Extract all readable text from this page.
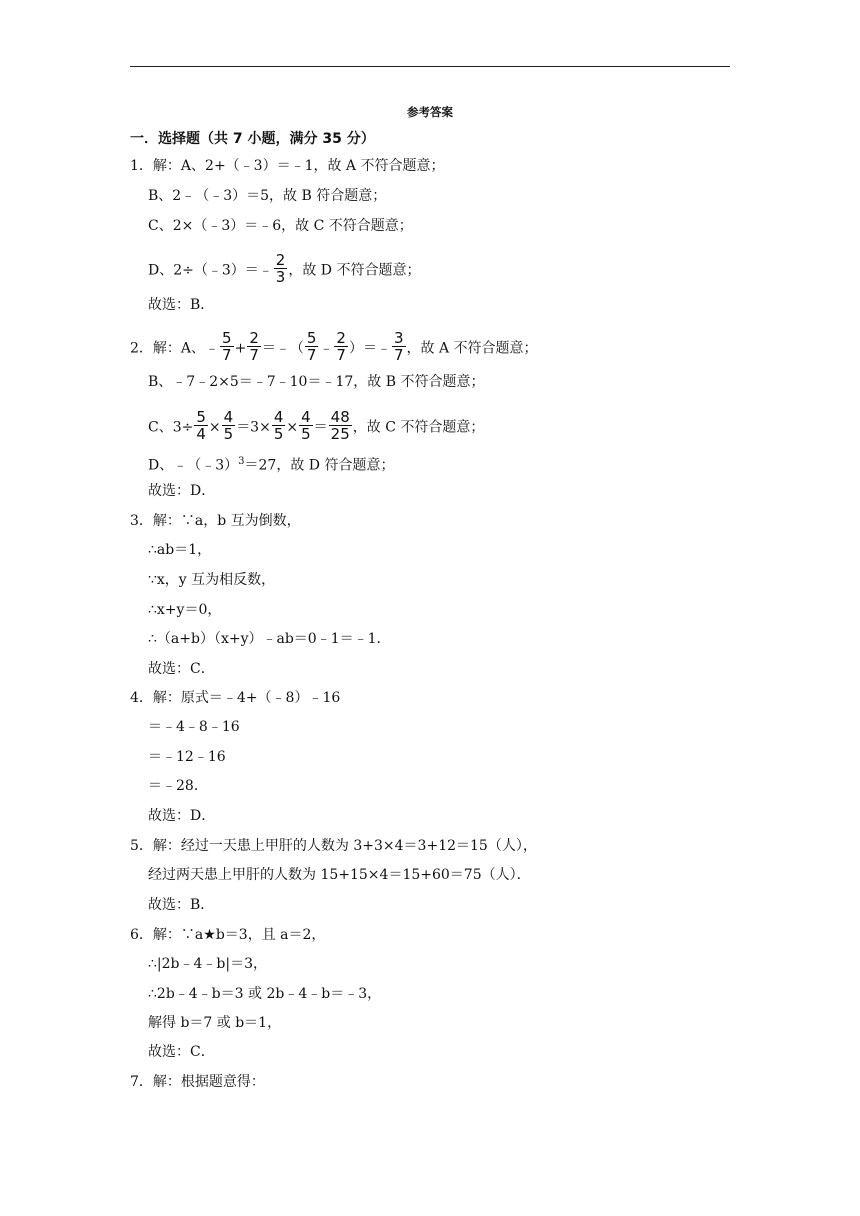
参考答案
一．选择题（共 7 小题，满分 35 分）
1．解：A、2+（﹣3）＝﹣1，故 A 不符合题意；
B、2﹣（﹣3）＝5，故 B 符合题意；
C、2×（﹣3）＝﹣6，故 C 不符合题意；
D、2÷（﹣3）＝﹣ $\frac{2}{3}$ ，故 D 不符合题意；
故选：B．
2．解：A、﹣ $\frac{5}{7} + \frac{2}{7}$ ＝﹣（ $\frac{5}{7}$ ﹣ $\frac{2}{7}$ ）＝﹣ $\frac{3}{7}$ ，故 A 不符合题意；
B、﹣7﹣2×5＝﹣7﹣10＝﹣17，故 B 不符合题意；
C、$3\div \frac{5}{4} \times \frac{4}{5} =3\times \frac{4}{5} \times \frac{4}{5} = \frac{48}{25}$ ，故 C 不符合题意；
D、﹣（﹣3）$^3$＝27，故 D 符合题意；
故选：D．
3．解：∵a，b 互为倒数，
∴ab＝1，
∵x，y 互为相反数，
∴x+y＝0，
∴（a+b）（x+y）﹣ab＝0﹣1＝﹣1．
故选：C．
4．解：原式＝﹣4+（﹣8）﹣16
＝﹣4﹣8﹣16
＝﹣12﹣16
＝﹣28．
故选：D．
5．解：经过一天患上甲肝的人数为 3+3×4＝3+12＝15（人），
经过两天患上甲肝的人数为 15+15×4＝15+60＝75（人）．
故选：B．
6．解：∵a★b＝3，且 a＝2，
∴|2b﹣4﹣b|＝3，
∴2b﹣4﹣b＝3 或 2b﹣4﹣b＝﹣3，
解得 b＝7 或 b＝1，
故选：C．
7．解：根据题意得：
